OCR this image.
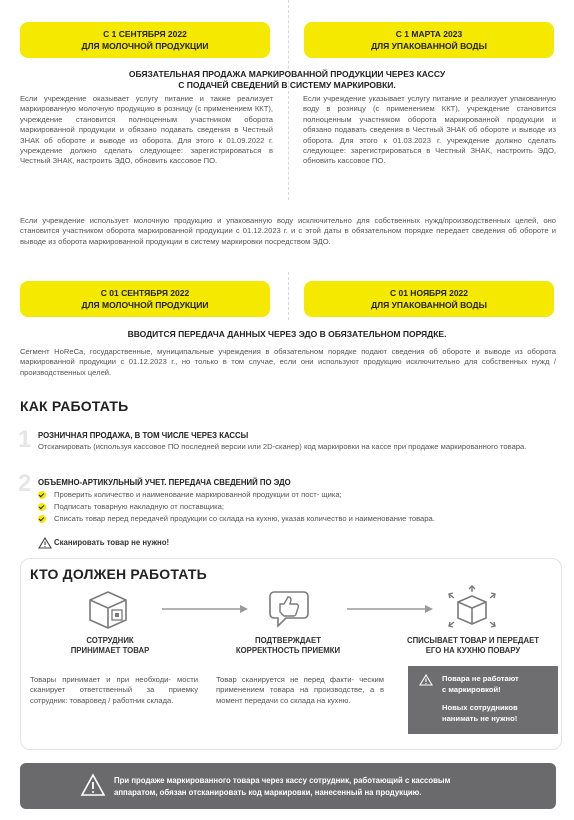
С 1 СЕНТЯБРЯ 2022
ДЛЯ МОЛОЧНОЙ ПРОДУКЦИИ
С 1 МАРТА 2023
ДЛЯ УПАКОВАННОЙ ВОДЫ
ОБЯЗАТЕЛЬНАЯ ПРОДАЖА МАРКИРОВАННОЙ ПРОДУКЦИИ ЧЕРЕЗ КАССУ
С ПОДАЧЕЙ СВЕДЕНИЙ В СИСТЕМУ МАРКИРОВКИ.
Если учреждение оказывает услугу питание и также реализует маркированную молочную продукцию в розницу (с применением ККТ), учреждение становится полноценным участником оборота маркированной продукции и обязано подавать сведения в Честный ЗНАК об обороте и выводе из оборота. Для этого к 01.09.2022 г. учреждение должно сделать следующее: зарегистрироваться в Честный ЗНАК, настроить ЭДО, обновить кассовое ПО.
Если учреждение указывает услугу питание и реализует упакованную воду в розницу (с применением ККТ), учреждение становится полноценным участником оборота маркированной продукции и обязано подавать сведения в Честный ЗНАК об обороте и выводе из оборота. Для этого к 01.03.2023 г. учреждение должно сделать следующее: зарегистрироваться в Честный ЗНАК, настроить ЭДО, обновить кассовое ПО.
Если учреждение использует молочную продукцию и упакованную воду исключительно для собственных нужд/производственных целей, оно становится участником оборота маркированной продукции с 01.12.2023 г. и с этой даты в обязательном порядке передает сведения об обороте и выводе из оборота маркированной продукции в систему маркировки посредством ЭДО.
С 01 СЕНТЯБРЯ 2022
ДЛЯ МОЛОЧНОЙ ПРОДУКЦИИ
С 01 НОЯБРЯ 2022
ДЛЯ УПАКОВАННОЙ ВОДЫ
ВВОДИТСЯ ПЕРЕДАЧА ДАННЫХ ЧЕРЕЗ ЭДО В ОБЯЗАТЕЛЬНОМ ПОРЯДКЕ.
Сегмент HoReCa, государственные, муниципальные учреждения в обязательном порядке подают сведения об обороте и выводе из оборота маркированной продукции с 01.12.2023 г., но только в том случае, если они используют продукцию исключительно для собственных нужд / производственных целей.
КАК РАБОТАТЬ
1 РОЗНИЧНАЯ ПРОДАЖА, В ТОМ ЧИСЛЕ ЧЕРЕЗ КАССЫ
Отсканировать (используя кассовое ПО последней версии или 2D-сканер) код маркировки на кассе при продаже маркированного товара.
2 ОБЪЕМНО-АРТИКУЛЬНЫЙ УЧЕТ. ПЕРЕДАЧА СВЕДЕНИЙ ПО ЭДО
Проверить количество и наименование маркированной продукции от пост- щика;
Подписать товарную накладную от поставщика;
Списать товар перед передачей продукции со склада на кухню, указав количество и наименование товара.
Сканировать товар не нужно!
КТО ДОЛЖЕН РАБОТАТЬ
СОТРУДНИК
ПРИНИМАЕТ ТОВАР
ПОДТВЕРЖДАЕТ
КОРРЕКТНОСТЬ ПРИЕМКИ
СПИСЫВАЕТ ТОВАР И ПЕРЕДАЕТ
ЕГО НА КУХНЮ ПОВАРУ
Товары принимает и при необходи- мости сканирует ответственный за приемку сотрудник: товаровед / работник склада.
Товар сканируется не перед факти- ческим применением товара на производстве, а в момент передачи со склада на кухню.
Повара не работают
с маркировкой!
Новых сотрудников
нанимать не нужно!
При продаже маркированного товара через кассу сотрудник, работающий с кассовым
аппаратом, обязан отсканировать код маркировки, нанесенный на продукцию.
